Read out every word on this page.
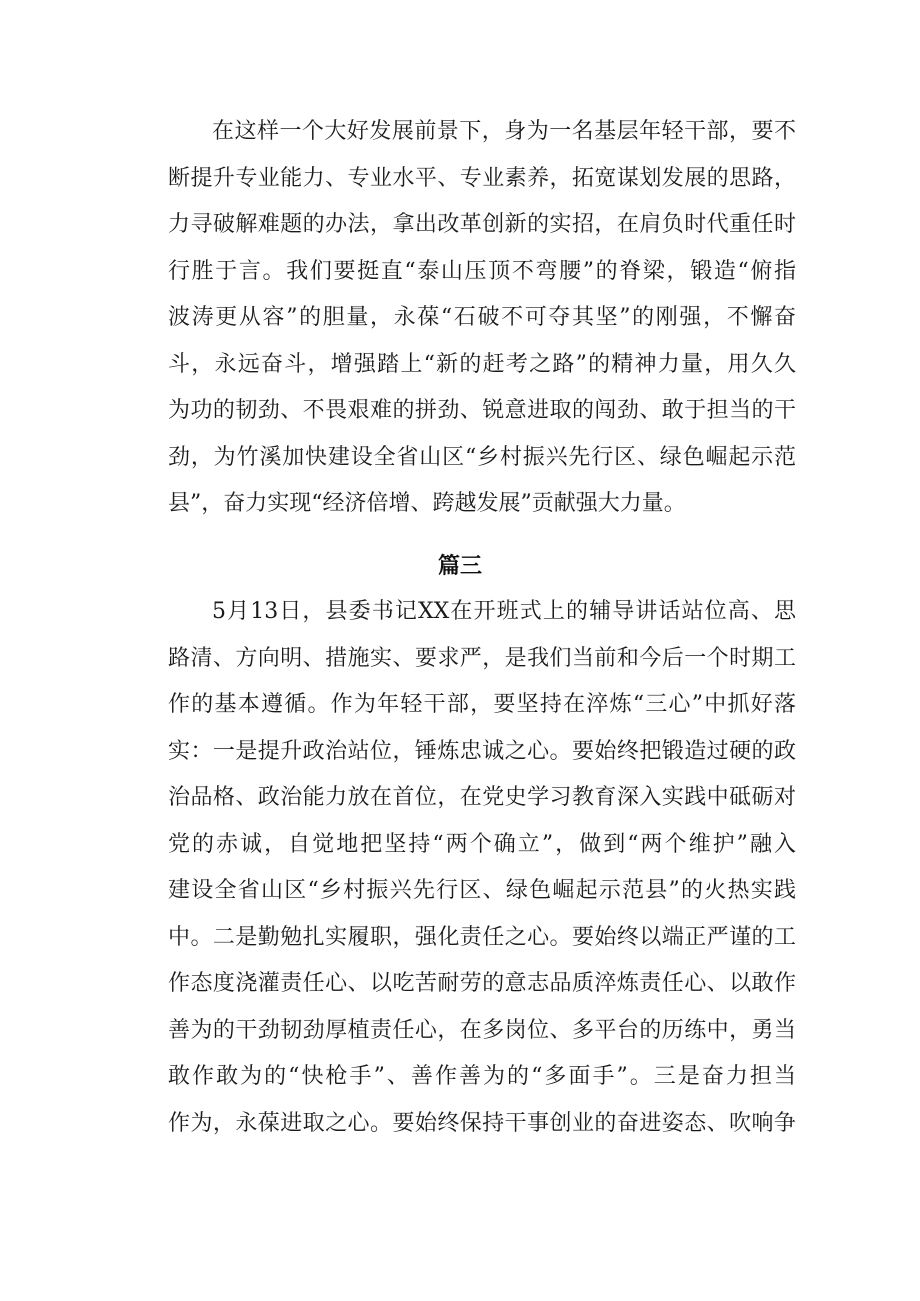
在这样一个大好发展前景下，身为一名基层年轻干部，要不
断提升专业能力、专业水平、专业素养，拓宽谋划发展的思路，
力寻破解难题的办法，拿出改革创新的实招，在肩负时代重任时
行胜于言。我们要挺直“泰山压顶不弯腰”的脊梁，锻造“俯指
波涛更从容”的胆量，永葆“石破不可夺其坚”的刚强，不懈奋
斗，永远奋斗，增强踏上“新的赶考之路”的精神力量，用久久
为功的韧劲、不畏艰难的拼劲、锐意进取的闯劲、敢于担当的干
劲，为竹溪加快建设全省山区“乡村振兴先行区、绿色崛起示范
县”，奋力实现“经济倍增、跨越发展”贡献强大力量。
篇三
5月13日，县委书记XX在开班式上的辅导讲话站位高、思
路清、方向明、措施实、要求严，是我们当前和今后一个时期工
作的基本遵循。作为年轻干部，要坚持在淬炼“三心”中抓好落
实：一是提升政治站位，锤炼忠诚之心。要始终把锻造过硬的政
治品格、政治能力放在首位，在党史学习教育深入实践中砥砺对
党的赤诚，自觉地把坚持“两个确立”，做到“两个维护”融入
建设全省山区“乡村振兴先行区、绿色崛起示范县”的火热实践
中。二是勤勉扎实履职，强化责任之心。要始终以端正严谨的工
作态度浇灌责任心、以吃苦耐劳的意志品质淬炼责任心、以敢作
善为的干劲韧劲厚植责任心，在多岗位、多平台的历练中，勇当
敢作敢为的“快枪手”、善作善为的“多面手”。三是奋力担当
作为，永葆进取之心。要始终保持干事创业的奋进姿态、吹响争
